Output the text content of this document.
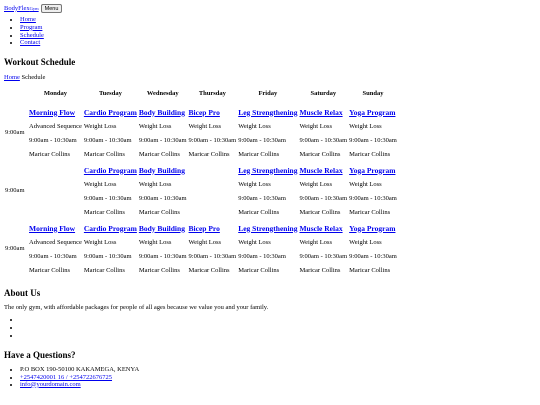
BodyFlexGym	Menu
• Home
• Program
• Schedule
• Contact
Workout Schedule
Home Schedule
	Monday	Tuesday	Wednesday	Thursday	Friday	Saturday	Sunday
9:00am	Morning Flow
Advanced Sequence
9:00am - 10:30am
Maricar Collins	Cardio Program
Weight Loss
9:00am - 10:30am
Maricar Collins	Body Building
Weight Loss
9:00am - 10:30am
Maricar Collins	Bicep Pro
Weight Loss
9:00am - 10:30am
Maricar Collins	Leg Strengthening
Weight Loss
9:00am - 10:30am
Maricar Collins	Muscle Relax
Weight Loss
9:00am - 10:30am
Maricar Collins	Yoga Program
Weight Loss
9:00am - 10:30am
Maricar Collins

9:00am		Cardio Program
Weight Loss
9:00am - 10:30am
Maricar Collins	Body Building
Weight Loss
9:00am - 10:30am
Maricar Collins		Leg Strengthening
Weight Loss
9:00am - 10:30am
Maricar Collins	Muscle Relax
Weight Loss
9:00am - 10:30am
Maricar Collins	Yoga Program
Weight Loss
9:00am - 10:30am
Maricar Collins

9:00am	Morning Flow
Advanced Sequence
9:00am - 10:30am
Maricar Collins	Cardio Program
Weight Loss
9:00am - 10:30am
Maricar Collins	Body Building
Weight Loss
9:00am - 10:30am
Maricar Collins	Bicep Pro
Weight Loss
9:00am - 10:30am
Maricar Collins	Leg Strengthening
Weight Loss
9:00am - 10:30am
Maricar Collins	Muscle Relax
Weight Loss
9:00am - 10:30am
Maricar Collins	Yoga Program
Weight Loss
9:00am - 10:30am
Maricar Collins
About Us

The only gym, with affordable packages for people of all ages because we value you and your family.

•
•
•
Have a Questions?
• P.O BOX 190-50100 KAKAMEGA, KENYA
• +2547420001 16 / +254722676725
• info@yourdomain.com
